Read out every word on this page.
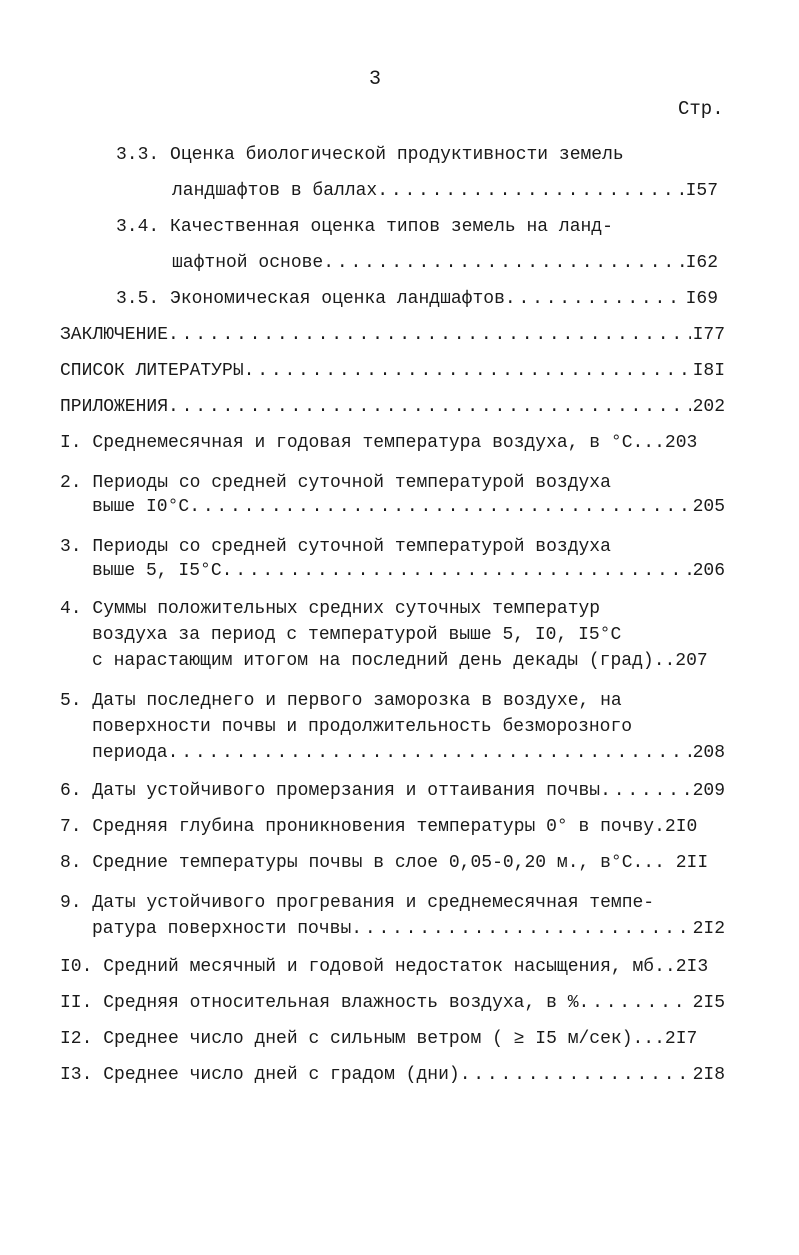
3
Стр.
3.3. Оценка биологической продуктивности земель
ландшафтов в баллах . . .	I57
3.4. Качественная оценка типов земель на ланд-
шафтной основе . . .	I62
3.5.
Экономическая оценка ландшафтов . . .	I69
ЗАКЛЮЧЕНИЕ . . .	I77
СПИСОК ЛИТЕРАТУРЫ . . .	I8I
ПРИЛОЖЕНИЯ . . .	202
I. Среднемесячная и годовая температура воздуха, в °С...203
2. Периоды со средней суточной температурой воздуха
выше I0°С . . .	205
3. Периоды со средней суточной температурой воздуха
выше 5, I5°С . . .	206
4. Суммы положительных средних суточных температур
воздуха за период с температурой выше 5, I0, I5°С
с нарастающим итогом на последний день декады (град)..207
5. Даты последнего и первого заморозка в воздухе, на
поверхности почвы и продолжительность безморозного
периода . . .	208
6.
Даты устойчивого промерзания и оттаивания почвы . . .	209
7. Средняя глубина проникновения температуры 0° в почву.2I0
8. Средние температуры почвы в слое 0,05-0,20 м., в°С... 2II
9. Даты устойчивого прогревания и среднемесячная темпе-
ратура поверхности почвы . . .	2I2
I0. Средний месячный и годовой недостаток насыщения, мб..2I3
II.
Средняя относительная влажность воздуха, в % . . .	2I5
I2. Среднее число дней с сильным ветром ( ≥ I5 м/сек)...2I7
I3.
Среднее число дней с градом (дни) . . .	2I8
